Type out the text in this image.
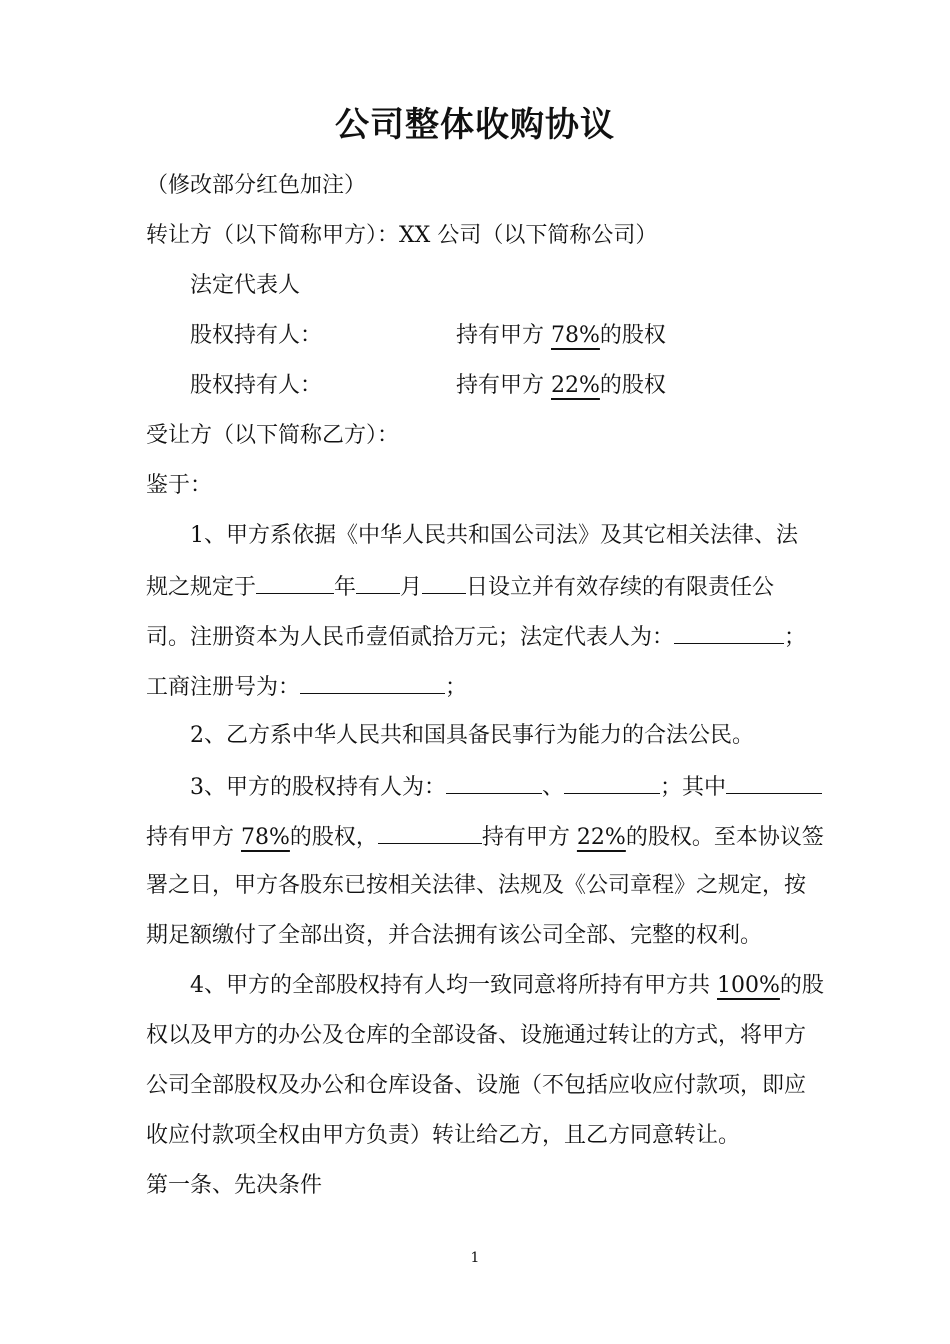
公司整体收购协议
（修改部分红色加注）
转让方（以下简称甲方）：XX 公司（以下简称公司）
法定代表人
股权持有人：	持有甲方 78%的股权
股权持有人：	持有甲方 22%的股权
受让方（以下简称乙方）：
鉴于：
1、甲方系依据《中华人民共和国公司法》及其它相关法律、法
规之规定于	年 月 日设立并有效存续的有限责任公
司。注册资本为人民币壹佰贰拾万元；法定代表人为：	；
工商注册号为：	；
2、乙方系中华人民共和国具备民事行为能力的合法公民。
3、甲方的股权持有人为：	、	；其中
持有甲方 78%的股权，	持有甲方 22%的股权。至本协议签
署之日，甲方各股东已按相关法律、法规及《公司章程》之规定，按
期足额缴付了全部出资，并合法拥有该公司全部、完整的权利。
4、甲方的全部股权持有人均一致同意将所持有甲方共 100%的股
权以及甲方的办公及仓库的全部设备、设施通过转让的方式，将甲方
公司全部股权及办公和仓库设备、设施（不包括应收应付款项，即应
收应付款项全权由甲方负责）转让给乙方，且乙方同意转让。
第一条、先决条件
1
